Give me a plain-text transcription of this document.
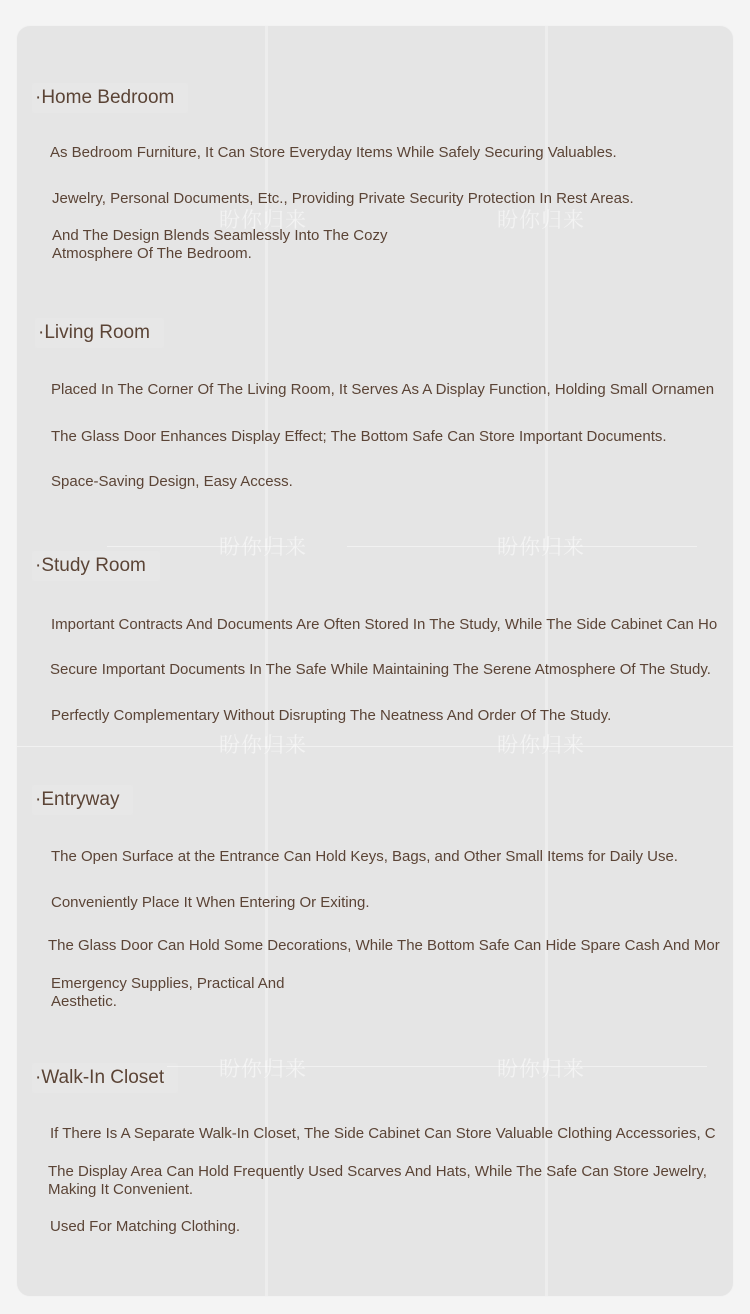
盼你归来	盼你归来
盼你归来	盼你归来
盼你归来	盼你归来
盼你归来	盼你归来
·Home Bedroom

As Bedroom Furniture, It Can Store Everyday Items While Safely Securing Valuables.

Jewelry, Personal Documents, Etc., Providing Private Security Protection In Rest Areas.

And The Design Blends Seamlessly Into The Cozy Atmosphere Of The Bedroom.

·Living Room

Placed In The Corner Of The Living Room, It Serves As A Display Function, Holding Small Ornamen

The Glass Door Enhances Display Effect; The Bottom Safe Can Store Important Documents.

Space-Saving Design, Easy Access.

·Study Room

Important Contracts And Documents Are Often Stored In The Study, While The Side Cabinet Can Ho

Secure Important Documents In The Safe While Maintaining The Serene Atmosphere Of The Study.

Perfectly Complementary Without Disrupting The Neatness And Order Of The Study.

·Entryway

The Open Surface at the Entrance Can Hold Keys, Bags, and Other Small Items for Daily Use.

Conveniently Place It When Entering Or Exiting.

The Glass Door Can Hold Some Decorations, While The Bottom Safe Can Hide Spare Cash And Mor

Emergency Supplies, Practical And Aesthetic.

·Walk-In Closet

If There Is A Separate Walk-In Closet, The Side Cabinet Can Store Valuable Clothing Accessories, C

The Display Area Can Hold Frequently Used Scarves And Hats, While The Safe Can Store Jewelry, Making It Convenient.

Used For Matching Clothing.
